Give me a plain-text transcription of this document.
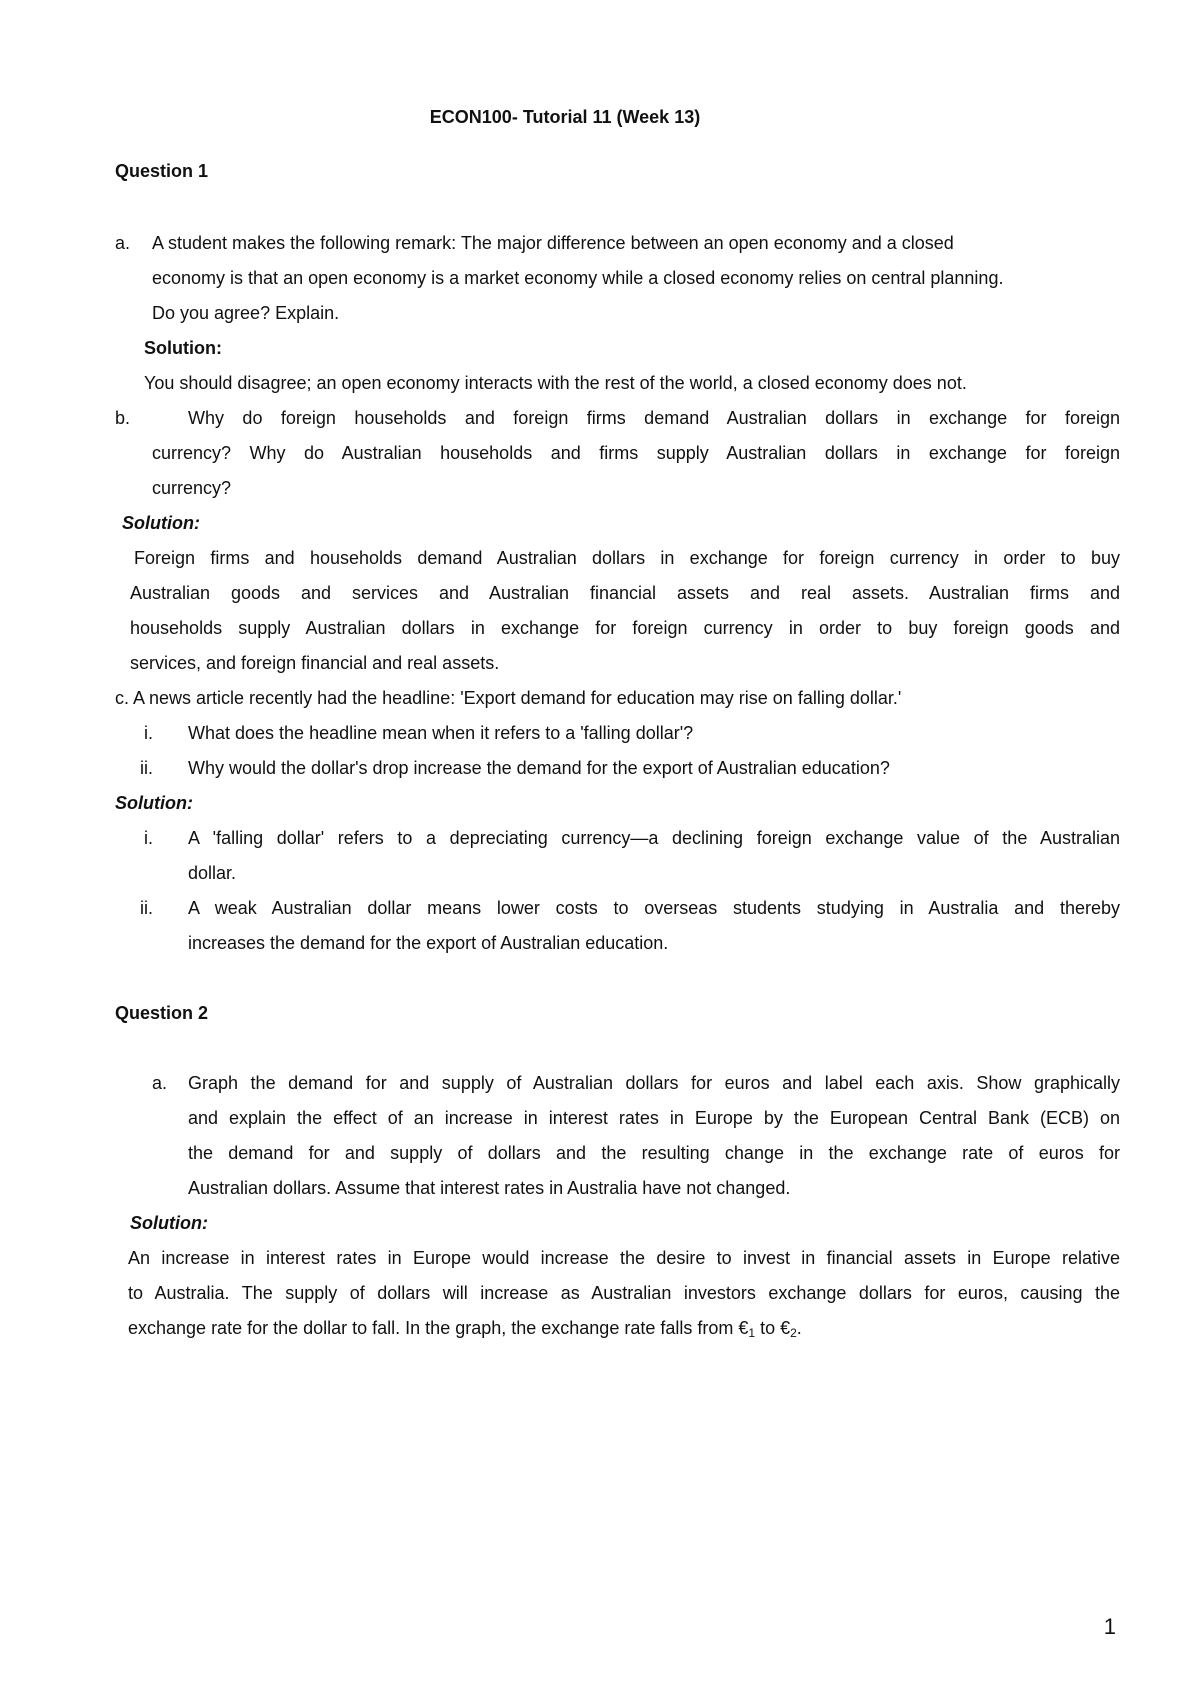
ECON100- Tutorial 11 (Week 13)
Question 1
a. A student makes the following remark: The major difference between an open economy and a closed
economy is that an open economy is a market economy while a closed economy relies on central planning.
Do you agree? Explain.
Solution:
You should disagree; an open economy interacts with the rest of the world, a closed economy does not.
b.	Why do foreign households and foreign firms demand Australian dollars in exchange for foreign
currency? Why do Australian households and firms supply Australian dollars in exchange for foreign
currency?
Solution:
Foreign firms and households demand Australian dollars in exchange for foreign currency in order to buy
Australian goods and services and Australian financial assets and real assets. Australian firms and
households supply Australian dollars in exchange for foreign currency in order to buy foreign goods and
services, and foreign financial and real assets.
c. A news article recently had the headline: 'Export demand for education may rise on falling dollar.'
i. What does the headline mean when it refers to a 'falling dollar'?
ii. Why would the dollar's drop increase the demand for the export of Australian education?
Solution:
i. A 'falling dollar' refers to a depreciating currency—a declining foreign exchange value of the Australian
dollar.
ii. A weak Australian dollar means lower costs to overseas students studying in Australia and thereby
increases the demand for the export of Australian education.
Question 2
a. Graph the demand for and supply of Australian dollars for euros and label each axis. Show graphically
and explain the effect of an increase in interest rates in Europe by the European Central Bank (ECB) on
the demand for and supply of dollars and the resulting change in the exchange rate of euros for
Australian dollars. Assume that interest rates in Australia have not changed.
Solution:
An increase in interest rates in Europe would increase the desire to invest in financial assets in Europe relative
to Australia. The supply of dollars will increase as Australian investors exchange dollars for euros, causing the
exchange rate for the dollar to fall. In the graph, the exchange rate falls from $€_1$ to $€_2$.
1
